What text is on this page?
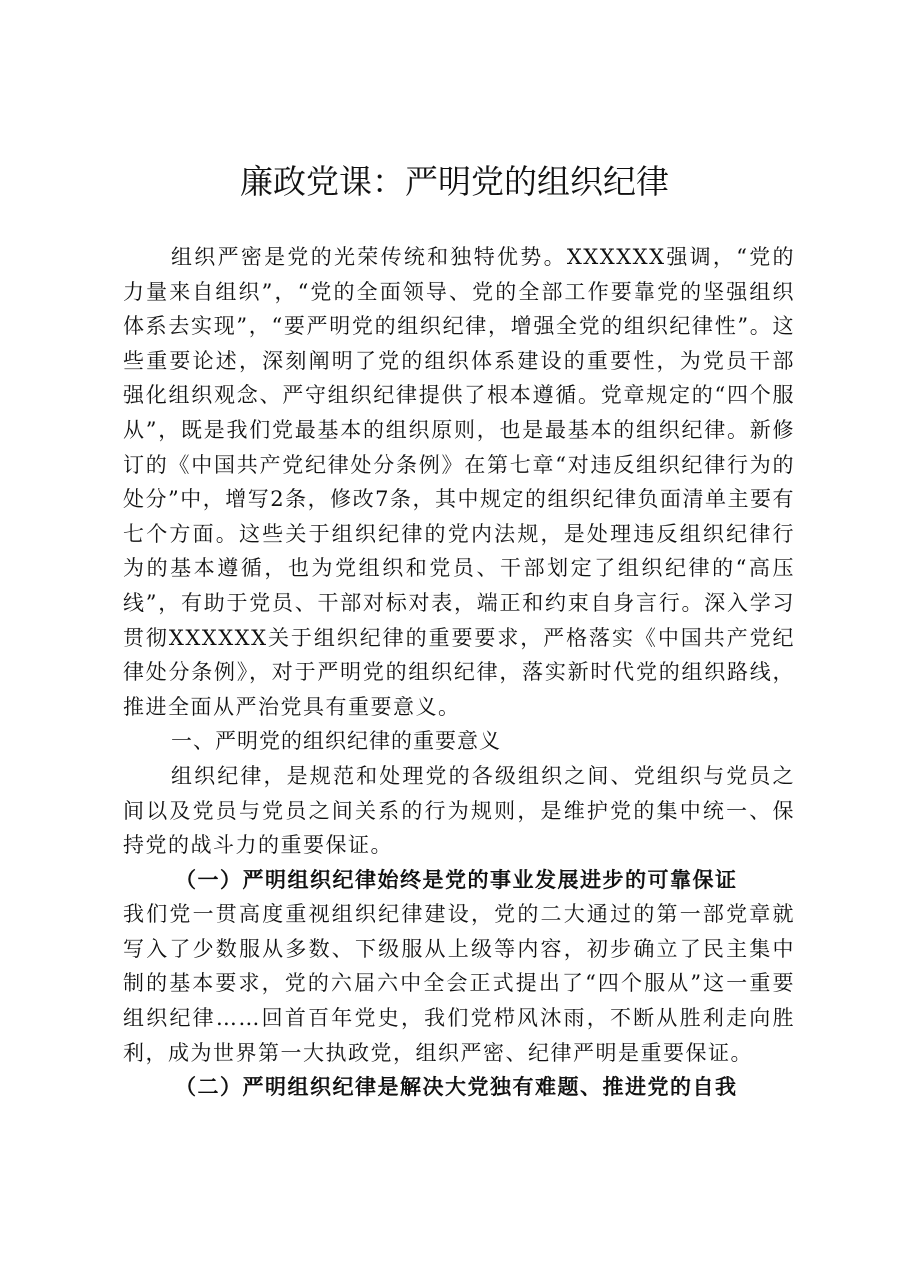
廉政党课：严明党的组织纪律

组织严密是党的光荣传统和独特优势。XXXXXX强调，“党的力量来自组织”，“党的全面领导、党的全部工作要靠党的坚强组织体系去实现”，“要严明党的组织纪律，增强全党的组织纪律性”。这些重要论述，深刻阐明了党的组织体系建设的重要性，为党员干部强化组织观念、严守组织纪律提供了根本遵循。党章规定的“四个服从”，既是我们党最基本的组织原则，也是最基本的组织纪律。新修订的《中国共产党纪律处分条例》在第七章“对违反组织纪律行为的处分”中，增写2条，修改7条，其中规定的组织纪律负面清单主要有七个方面。这些关于组织纪律的党内法规，是处理违反组织纪律行为的基本遵循，也为党组织和党员、干部划定了组织纪律的“高压线”，有助于党员、干部对标对表，端正和约束自身言行。深入学习贯彻XXXXXX关于组织纪律的重要要求，严格落实《中国共产党纪律处分条例》，对于严明党的组织纪律，落实新时代党的组织路线，推进全面从严治党具有重要意义。

一、严明党的组织纪律的重要意义

组织纪律，是规范和处理党的各级组织之间、党组织与党员之间以及党员与党员之间关系的行为规则，是维护党的集中统一、保持党的战斗力的重要保证。

（一）严明组织纪律始终是党的事业发展进步的可靠保证

我们党一贯高度重视组织纪律建设，党的二大通过的第一部党章就写入了少数服从多数、下级服从上级等内容，初步确立了民主集中制的基本要求，党的六届六中全会正式提出了“四个服从”这一重要组织纪律……回首百年党史，我们党栉风沐雨，不断从胜利走向胜利，成为世界第一大执政党，组织严密、纪律严明是重要保证。

（二）严明组织纪律是解决大党独有难题、推进党的自我
